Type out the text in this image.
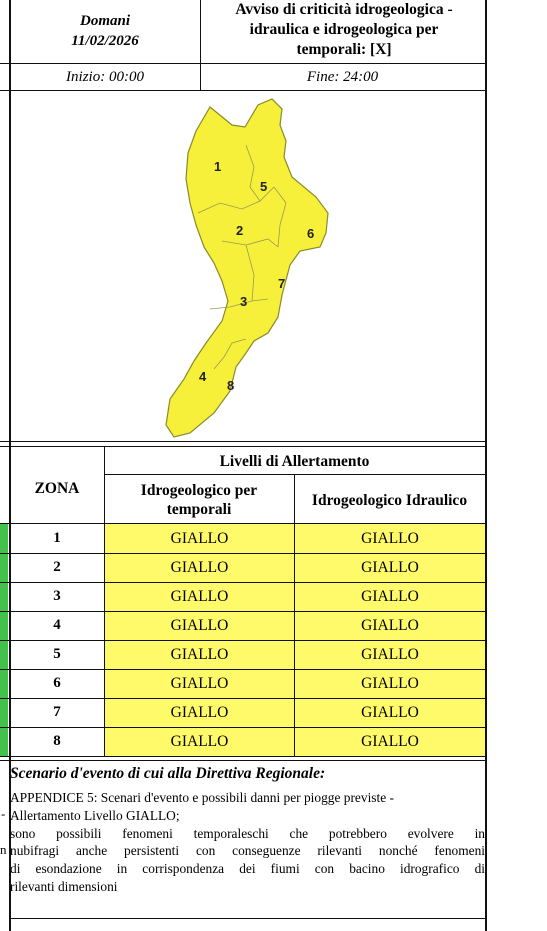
Domani
11/02/2026
Avviso di criticità idrogeologica - idraulica e idrogeologica per temporali: [X]
Inizio: 00:00	Fine: 24:00
1
5
2	6
7
3
4
8
Livelli di Allertamento
ZONA	Idrogeologico per temporali
Idrogeologico Idraulico
1	GIALLO	GIALLO
2	GIALLO	GIALLO
3	GIALLO	GIALLO
4	GIALLO	GIALLO
5	GIALLO	GIALLO
6	GIALLO	GIALLO
7	GIALLO	GIALLO
8	GIALLO	GIALLO
Scenario d'evento di cui alla Direttiva Regionale:

APPENDICE 5: Scenari d'evento e possibili danni per piogge previste -

Allertamento Livello GIALLO;

sono possibili fenomeni temporaleschi che potrebbero evolvere in

nubifragi anche persistenti con conseguenze rilevanti nonché fenomeni

di esondazione in corrispondenza dei fiumi con bacino idrografico di

rilevanti dimensioni

-
n
